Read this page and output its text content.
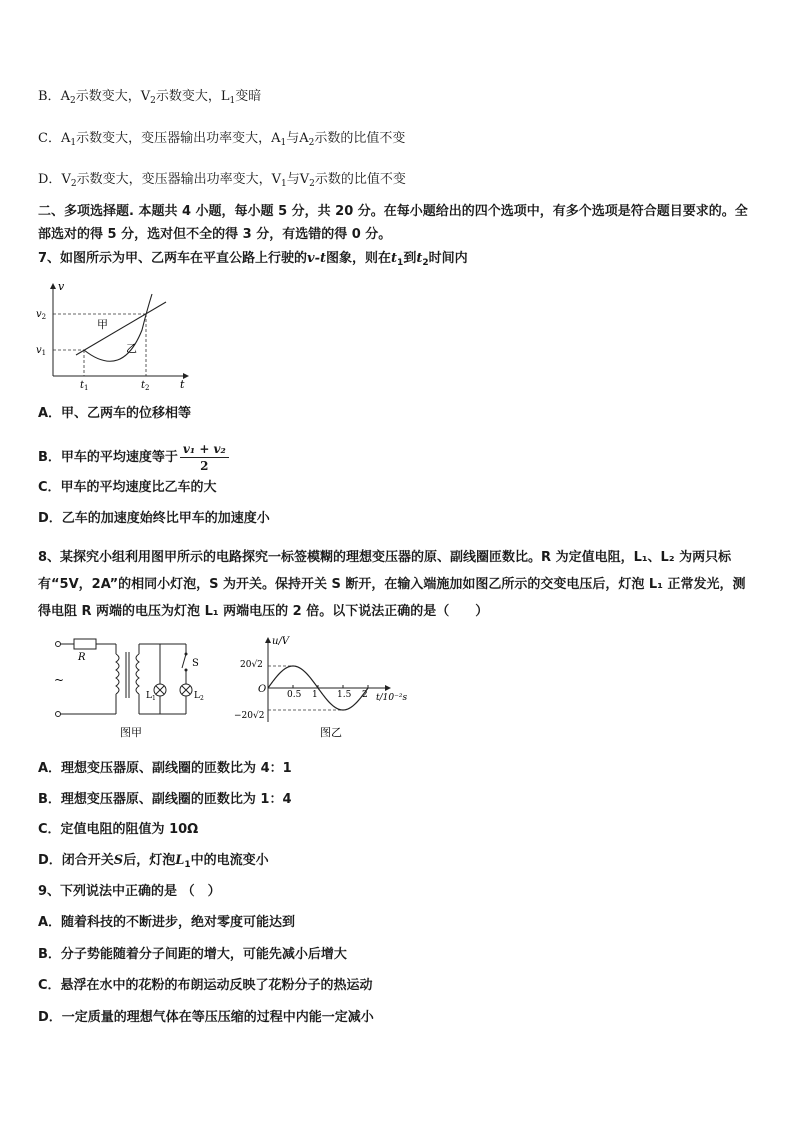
B．$A_2$示数变大，$V_2$示数变大，$L_1$变暗
C．$A_1$示数变大，变压器输出功率变大，$A_1$与$A_2$示数的比值不变
D．$V_2$示数变大，变压器输出功率变大，$V_1$与$V_2$示数的比值不变
二、多项选择题. 本题共 4 小题，每小题 5 分，共 20 分。在每小题给出的四个选项中，有多个选项是符合题目要求的。全部选对的得 5 分，选对但不全的得 3 分，有选错的得 0 分。
7、如图所示为甲、乙两车在平直公路上行驶的v-t图象，则在$t_1$到$t_2$时间内
v
t
$v_2$
$v_1$
$t_1$	$t_2$
甲
乙
A．甲、乙两车的位移相等
B．甲车的平均速度等于 $\frac{\text{v₁ + v₂}}{2}$
C．甲车的平均速度比乙车的大
D．乙车的加速度始终比甲车的加速度小
8、某探究小组利用图甲所示的电路探究一标签模糊的理想变压器的原、副线圈匝数比。R 为定值电阻，L₁、L₂ 为两只标有“5V，2A”的相同小灯泡，S 为开关。保持开关 S 断开，在输入端施加如图乙所示的交变电压后，灯泡 L₁ 正常发光，测得电阻 R 两端的电压为灯泡 L₁ 两端电压的 2 倍。以下说法正确的是（　　）
~
R
$L_1$
S
$L_2$
图甲
u/V
O
20√2
−20√2
t/10⁻²s
0.5 1 1.5 2
图乙
A．理想变压器原、副线圈的匝数比为 4：1
B．理想变压器原、副线圈的匝数比为 1：4
C．定值电阻的阻值为 10Ω
D．闭合开关S后，灯泡$L_1$中的电流变小
9、下列说法中正确的是 （　）
A．随着科技的不断进步，绝对零度可能达到
B．分子势能随着分子间距的增大，可能先减小后增大
C．悬浮在水中的花粉的布朗运动反映了花粉分子的热运动
D．一定质量的理想气体在等压压缩的过程中内能一定减小
